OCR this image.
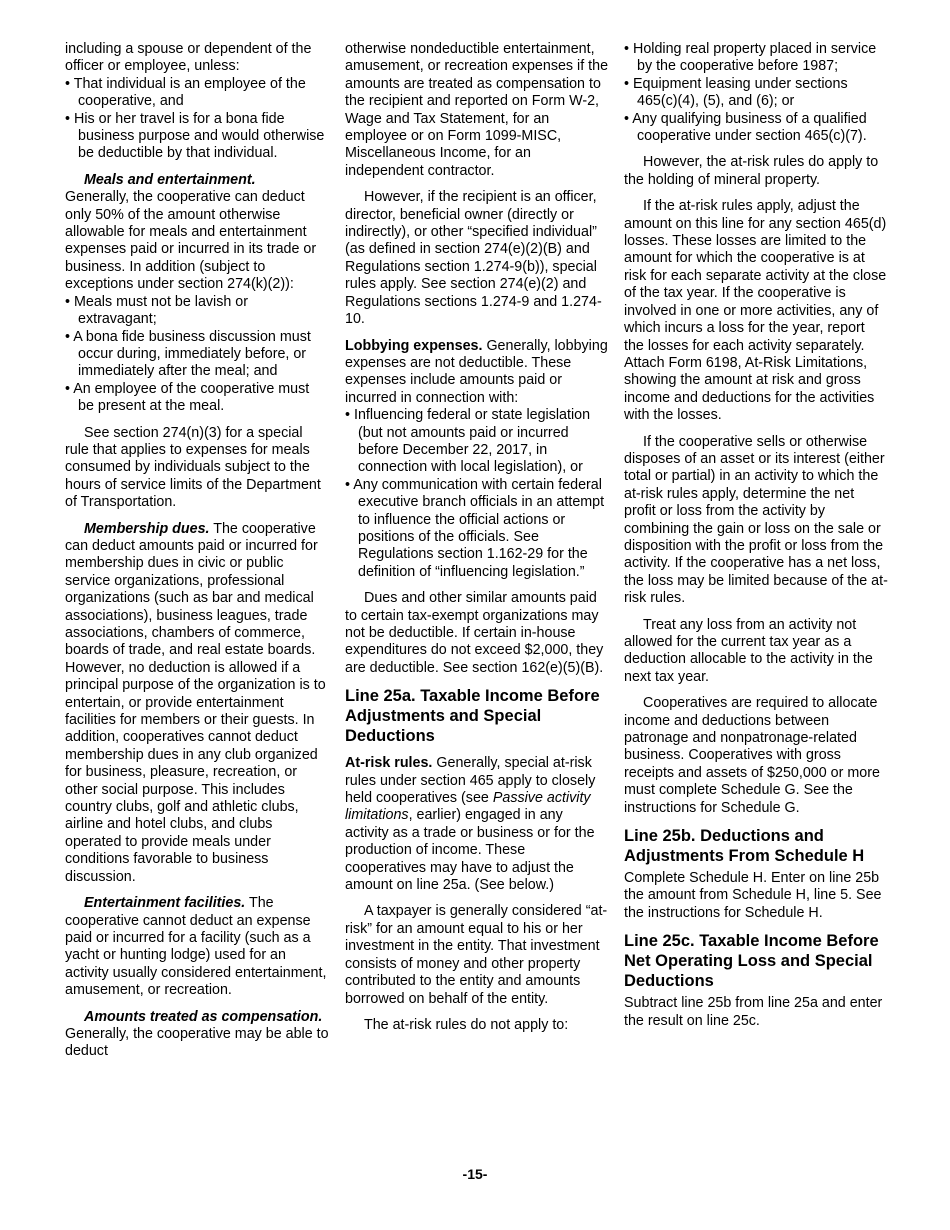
including a spouse or dependent of the officer or employee, unless:

• That individual is an employee of the cooperative, and

• His or her travel is for a bona fide business purpose and would otherwise be deductible by that individual.

Meals and entertainment.

Generally, the cooperative can deduct only 50% of the amount otherwise allowable for meals and entertainment expenses paid or incurred in its trade or business. In addition (subject to exceptions under section 274(k)(2)):

• Meals must not be lavish or extravagant;

• A bona fide business discussion must occur during, immediately before, or immediately after the meal; and

• An employee of the cooperative must be present at the meal.

See section 274(n)(3) for a special rule that applies to expenses for meals consumed by individuals subject to the hours of service limits of the Department of Transportation.

Membership dues. The cooperative can deduct amounts paid or incurred for membership dues in civic or public service organizations, professional organizations (such as bar and medical associations), business leagues, trade associations, chambers of commerce, boards of trade, and real estate boards. However, no deduction is allowed if a principal purpose of the organization is to entertain, or provide entertainment facilities for members or their guests. In addition, cooperatives cannot deduct membership dues in any club organized for business, pleasure, recreation, or other social purpose. This includes country clubs, golf and athletic clubs, airline and hotel clubs, and clubs operated to provide meals under conditions favorable to business discussion.

Entertainment facilities. The cooperative cannot deduct an expense paid or incurred for a facility (such as a yacht or hunting lodge) used for an activity usually considered entertainment, amusement, or recreation.

Amounts treated as compensation. Generally, the cooperative may be able to deduct

otherwise nondeductible entertainment, amusement, or recreation expenses if the amounts are treated as compensation to the recipient and reported on Form W-2, Wage and Tax Statement, for an employee or on Form 1099-MISC, Miscellaneous Income, for an independent contractor.

However, if the recipient is an officer, director, beneficial owner (directly or indirectly), or other “specified individual” (as defined in section 274(e)(2)(B) and Regulations section 1.274-9(b)), special rules apply. See section 274(e)(2) and Regulations sections 1.274-9 and 1.274-10.

Lobbying expenses. Generally, lobbying expenses are not deductible. These expenses include amounts paid or incurred in connection with:

• Influencing federal or state legislation (but not amounts paid or incurred before December 22, 2017, in connection with local legislation), or

• Any communication with certain federal executive branch officials in an attempt to influence the official actions or positions of the officials. See Regulations section 1.162-29 for the definition of “influencing legislation.”

Dues and other similar amounts paid to certain tax-exempt organizations may not be deductible. If certain in-house expenditures do not exceed $2,000, they are deductible. See section 162(e)(5)(B).

Line 25a. Taxable Income Before Adjustments and Special Deductions

At-risk rules. Generally, special at-risk rules under section 465 apply to closely held cooperatives (see Passive activity limitations, earlier) engaged in any activity as a trade or business or for the production of income. These cooperatives may have to adjust the amount on line 25a. (See below.)

A taxpayer is generally considered “at-risk” for an amount equal to his or her investment in the entity. That investment consists of money and other property contributed to the entity and amounts borrowed on behalf of the entity.

The at-risk rules do not apply to:

• Holding real property placed in service by the cooperative before 1987;

• Equipment leasing under sections 465(c)(4), (5), and (6); or

• Any qualifying business of a qualified cooperative under section 465(c)(7).

However, the at-risk rules do apply to the holding of mineral property.

If the at-risk rules apply, adjust the amount on this line for any section 465(d) losses. These losses are limited to the amount for which the cooperative is at risk for each separate activity at the close of the tax year. If the cooperative is involved in one or more activities, any of which incurs a loss for the year, report the losses for each activity separately. Attach Form 6198, At-Risk Limitations, showing the amount at risk and gross income and deductions for the activities with the losses.

If the cooperative sells or otherwise disposes of an asset or its interest (either total or partial) in an activity to which the at-risk rules apply, determine the net profit or loss from the activity by combining the gain or loss on the sale or disposition with the profit or loss from the activity. If the cooperative has a net loss, the loss may be limited because of the at-risk rules.

Treat any loss from an activity not allowed for the current tax year as a deduction allocable to the activity in the next tax year.

Cooperatives are required to allocate income and deductions between patronage and nonpatronage-related business. Cooperatives with gross receipts and assets of $250,000 or more must complete Schedule G. See the instructions for Schedule G.

Line 25b. Deductions and Adjustments From Schedule H

Complete Schedule H. Enter on line 25b the amount from Schedule H, line 5. See the instructions for Schedule H.

Line 25c. Taxable Income Before Net Operating Loss and Special Deductions

Subtract line 25b from line 25a and enter the result on line 25c.

-15-
